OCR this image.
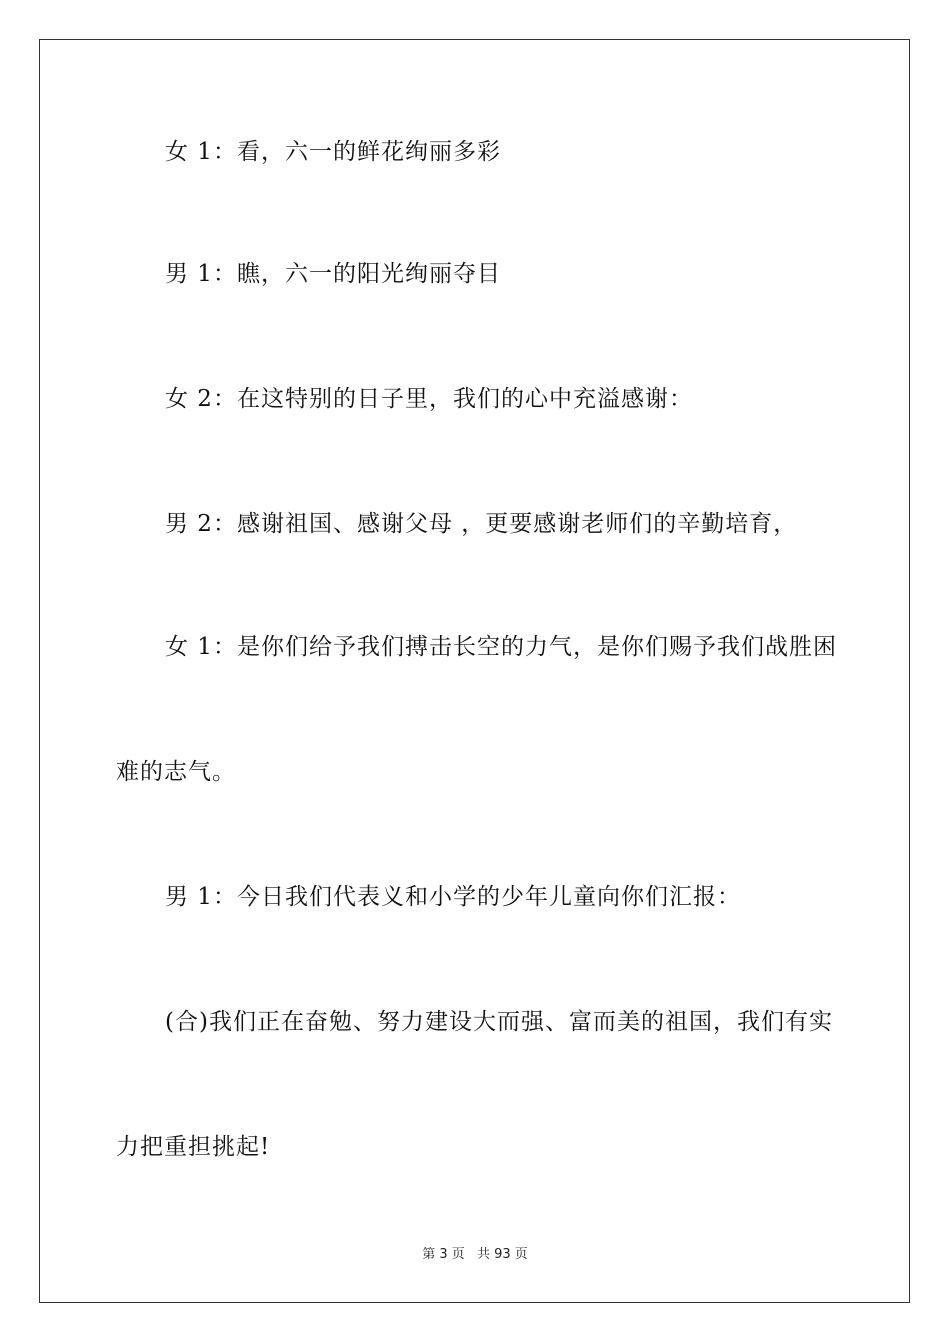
女 1：看，六一的鲜花绚丽多彩
男 1：瞧，六一的阳光绚丽夺目
女 2：在这特别的日子里，我们的心中充溢感谢：
男 2：感谢祖国、感谢父母 ，更要感谢老师们的辛勤培育，
女 1：是你们给予我们搏击长空的力气，是你们赐予我们战胜困
难的志气。
男 1：今日我们代表义和小学的少年儿童向你们汇报：
(合)我们正在奋勉、努力建设大而强、富而美的祖国，我们有实
力把重担挑起!
第 3 页 共 93 页
